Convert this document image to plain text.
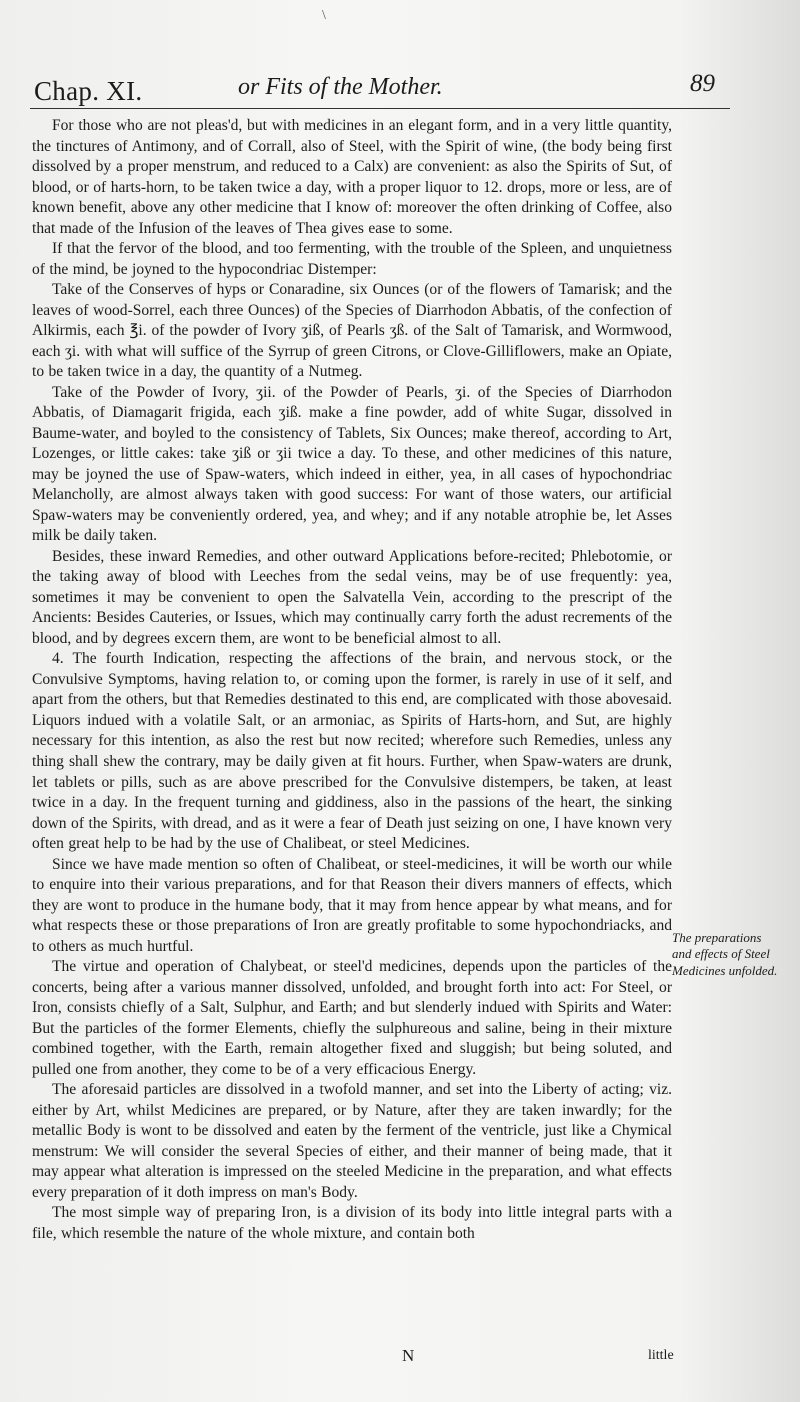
\
Chap. XI.	or Fits of the Mother.	89

For those who are not pleas'd, but with medicines in an elegant form, and in a very little quantity, the tinctures of Antimony, and of Corrall, also of Steel, with the Spirit of wine, (the body being first dissolved by a proper menstrum, and reduced to a Calx) are convenient: as also the Spirits of Sut, of blood, or of harts-horn, to be taken twice a day, with a proper liquor to 12. drops, more or less, are of known benefit, above any other medicine that I know of: moreover the often drinking of Coffee, also that made of the Infusion of the leaves of Thea gives ease to some.

If that the fervor of the blood, and too fermenting, with the trouble of the Spleen, and unquietness of the mind, be joyned to the hypocondriac Distemper:

Take of the Conserves of hyps or Conaradine, six Ounces (or of the flowers of Tamarisk; and the leaves of wood-Sorrel, each three Ounces) of the Species of Diarrhodon Abbatis, of the confection of Alkirmis, each ℥i. of the powder of Ivory ʒiß, of Pearls ʒß. of the Salt of Tamarisk, and Wormwood, each ʒi. with what will suffice of the Syrrup of green Citrons, or Clove-Gilliflowers, make an Opiate, to be taken twice in a day, the quantity of a Nutmeg.

Take of the Powder of Ivory, ʒii. of the Powder of Pearls, ʒi. of the Species of Diarrhodon Abbatis, of Diamagarit frigida, each ʒiß. make a fine powder, add of white Sugar, dissolved in Baume-water, and boyled to the consistency of Tablets, Six Ounces; make thereof, according to Art, Lozenges, or little cakes: take ʒiß or ʒii twice a day. To these, and other medicines of this nature, may be joyned the use of Spaw-waters, which indeed in either, yea, in all cases of hypochondriac Melancholly, are almost always taken with good success: For want of those waters, our artificial Spaw-waters may be conveniently ordered, yea, and whey; and if any notable atrophie be, let Asses milk be daily taken.

Besides, these inward Remedies, and other outward Applications before-recited; Phlebotomie, or the taking away of blood with Leeches from the sedal veins, may be of use frequently: yea, sometimes it may be convenient to open the Salvatella Vein, according to the prescript of the Ancients: Besides Cauteries, or Issues, which may continually carry forth the adust recrements of the blood, and by degrees excern them, are wont to be beneficial almost to all.

4. The fourth Indication, respecting the affections of the brain, and nervous stock, or the Convulsive Symptoms, having relation to, or coming upon the former, is rarely in use of it self, and apart from the others, but that Remedies destinated to this end, are complicated with those abovesaid. Liquors indued with a volatile Salt, or an armoniac, as Spirits of Harts-horn, and Sut, are highly necessary for this intention, as also the rest but now recited; wherefore such Remedies, unless any thing shall shew the contrary, may be daily given at fit hours. Further, when Spaw-waters are drunk, let tablets or pills, such as are above prescribed for the Convulsive distempers, be taken, at least twice in a day. In the frequent turning and giddiness, also in the passions of the heart, the sinking down of the Spirits, with dread, and as it were a fear of Death just seizing on one, I have known very often great help to be had by the use of Chalibeat, or steel Medicines.

Since we have made mention so often of Chalibeat, or steel-medicines, it will be worth our while to enquire into their various preparations, and for that Reason their divers manners of effects, which they are wont to produce in the humane body, that it may from hence appear by what means, and for what respects these or those preparations of Iron are greatly profitable to some hypochondriacks, and to others as much hurtful.

The virtue and operation of Chalybeat, or steel'd medicines, depends upon the particles of the concerts, being after a various manner dissolved, unfolded, and brought forth into act: For Steel, or Iron, consists chiefly of a Salt, Sulphur, and Earth; and but slenderly indued with Spirits and Water: But the particles of the former Elements, chiefly the sulphureous and saline, being in their mixture combined together, with the Earth, remain altogether fixed and sluggish; but being soluted, and pulled one from another, they come to be of a very efficacious Energy.

The aforesaid particles are dissolved in a twofold manner, and set into the Liberty of acting; viz. either by Art, whilst Medicines are prepared, or by Nature, after they are taken inwardly; for the metallic Body is wont to be dissolved and eaten by the ferment of the ventricle, just like a Chymical menstrum: We will consider the several Species of either, and their manner of being made, that it may appear what alteration is impressed on the steeled Medicine in the preparation, and what effects every preparation of it doth impress on man's Body.

The most simple way of preparing Iron, is a division of its body into little integral parts with a file, which resemble the nature of the whole mixture, and contain both

The preparations and effects of Steel Medicines unfolded.
N	little
